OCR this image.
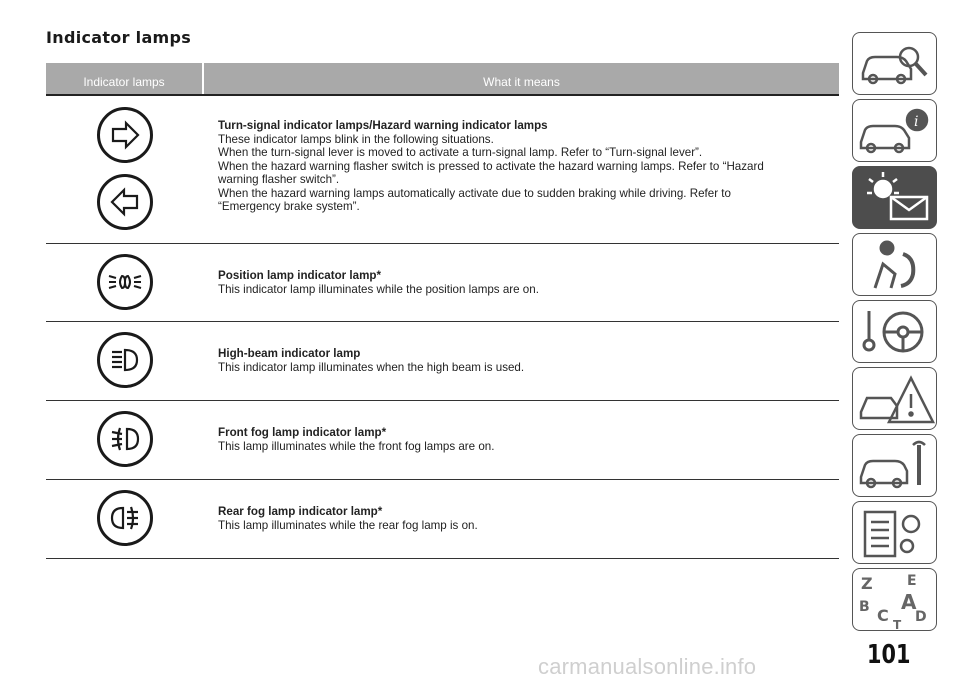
Indicator lamps
Indicator lamps	What it means
Turn-signal indicator lamps/Hazard warning indicator lamps
These indicator lamps blink in the following situations.
When the turn-signal lever is moved to activate a turn-signal lamp. Refer to “Turn-signal lever”.
When the hazard warning flasher switch is pressed to activate the hazard warning lamps. Refer to “Hazard
warning flasher switch”.
When the hazard warning lamps automatically activate due to sudden braking while driving. Refer to
“Emergency brake system”.
Position lamp indicator lamp*
This indicator lamp illuminates while the position lamps are on.
High-beam indicator lamp
This indicator lamp illuminates when the high beam is used.
Front fog lamp indicator lamp*
This lamp illuminates while the front fog lamps are on.
Rear fog lamp indicator lamp*
This lamp illuminates while the rear fog lamp is on.
i
Z E
B A
C D
T
101
carmanualsonline.info
